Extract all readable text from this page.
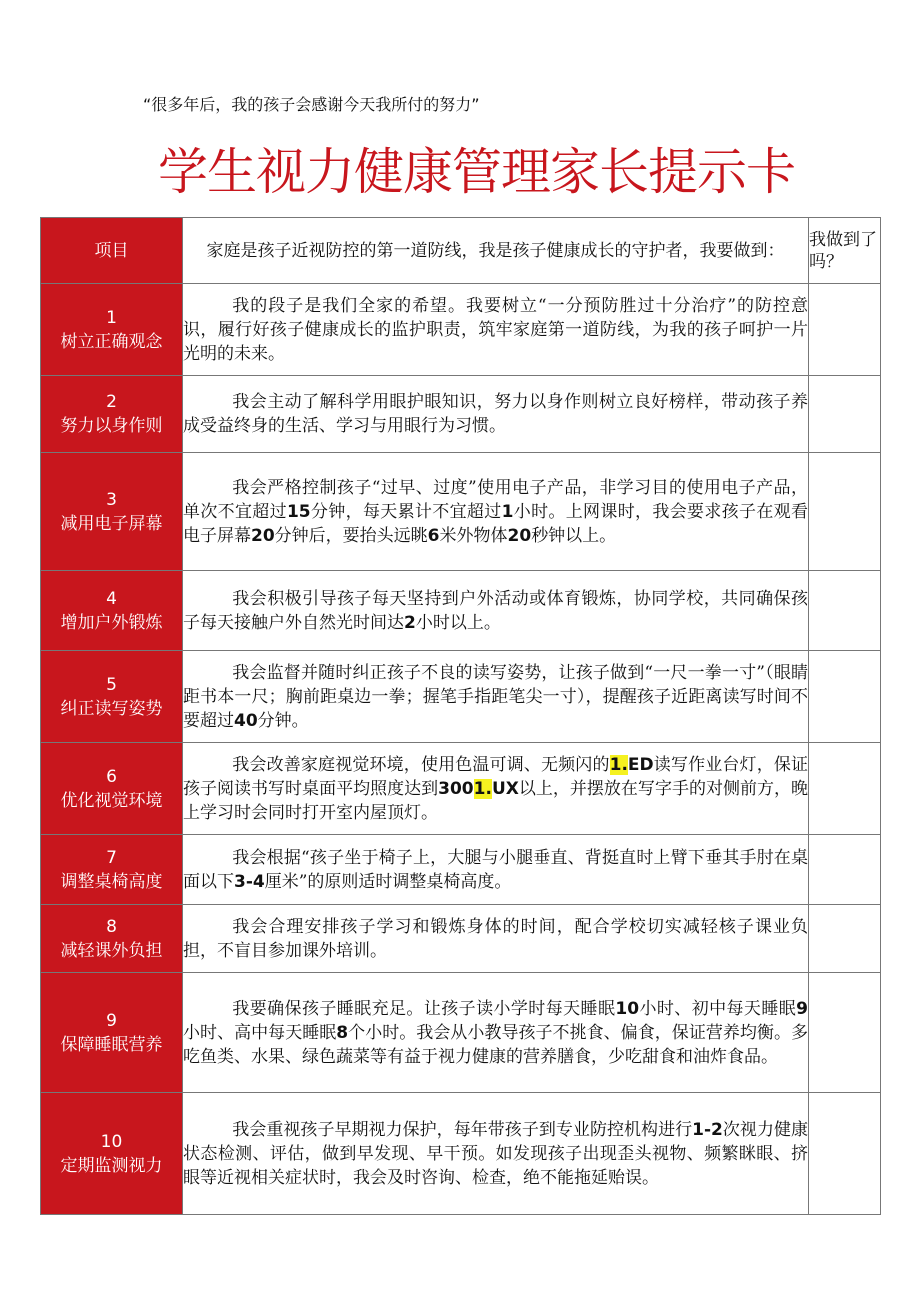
“很多年后，我的孩子会感谢今天我所付的努力”
学生视力健康管理家长提示卡
项目	家庭是孩子近视防控的第一道防线，我是孩子健康成长的守护者，我要做到：	我做到了吗？

1
树立正确观念	我的段子是我们全家的希望。我要树立“一分预防胜过十分治疗”的防控意识，履行好孩子健康成长的监护职责，筑牢家庭第一道防线，为我的孩子呵护一片光明的未来。	

2
努力以身作则	我会主动了解科学用眼护眼知识，努力以身作则树立良好榜样，带动孩子养成受益终身的生活、学习与用眼行为习惯。	

3
减用电子屏幕	我会严格控制孩子“过早、过度”使用电子产品，非学习目的使用电子产品，单次不宜超过15分钟，每天累计不宜超过1小时。上网课时，我会要求孩子在观看电子屏幕20分钟后，要抬头远眺6米外物体20秒钟以上。	

4
增加户外锻炼	我会积极引导孩子每天坚持到户外活动或体育锻炼，协同学校，共同确保孩子每天接触户外自然光时间达2小时以上。	

5
纠正读写姿势	我会监督并随时纠正孩子不良的读写姿势，让孩子做到“一尺一拳一寸”（眼睛距书本一尺；胸前距桌边一拳；握笔手指距笔尖一寸），提醒孩子近距离读写时间不要超过40分钟。	

6
优化视觉环境	我会改善家庭视觉环境，使用色温可调、无频闪的1.ED读写作业台灯，保证孩子阅读书写时桌面平均照度达到3001.UX以上，并摆放在写字手的对侧前方，晚上学习时会同时打开室内屋顶灯。	

7
调整桌椅高度	我会根据“孩子坐于椅子上，大腿与小腿垂直、背挺直时上臂下垂其手肘在桌面以下3-4厘米”的原则适时调整桌椅高度。	

8
减轻课外负担	我会合理安排孩子学习和锻炼身体的时间，配合学校切实减轻核子课业负担，不盲目参加课外培训。	

9
保障睡眠营养	我要确保孩子睡眠充足。让孩子读小学时每天睡眠10小时、初中每天睡眠9小时、高中每天睡眠8个小时。我会从小教导孩子不挑食、偏食，保证营养均衡。多吃鱼类、水果、绿色蔬菜等有益于视力健康的营养膳食，少吃甜食和油炸食品。	

10
定期监测视力	我会重视孩子早期视力保护，每年带孩子到专业防控机构进行1-2次视力健康状态检测、评估，做到早发现、早干预。如发现孩子出现歪头视物、频繁眯眼、挤眼等近视相关症状时，我会及时咨询、检查，绝不能拖延贻误。	
